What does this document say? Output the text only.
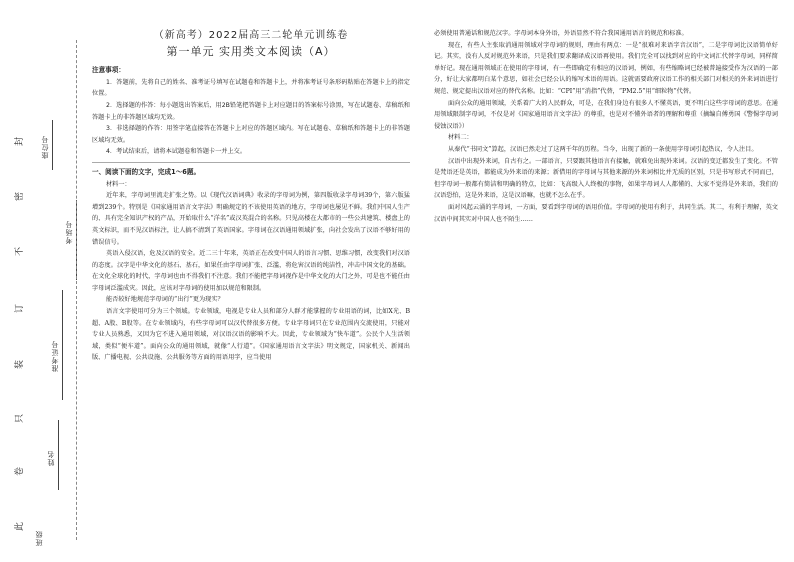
封
密
不
订
装
只
卷
此
座位号
准考证号
考场号
姓名
班级
（新高考）2022届高三二轮单元训练卷
第一单元 实用类文本阅读（A）

注意事项：

1．答题前，先将自己的姓名、准考证号填写在试题卷和答题卡上，并将准考证号条形码粘贴在答题卡上的指定位置。

2．选择题的作答：每小题选出答案后，用2B铅笔把答题卡上对应题目的答案标号涂黑，写在试题卷、草稿纸和答题卡上的非答题区域均无效。

3．非选择题的作答：用签字笔直接答在答题卡上对应的答题区域内。写在试题卷、草稿纸和答题卡上的非答题区域均无效。

4．考试结束后，请将本试题卷和答题卡一并上交。

一、阅读下面的文字，完成1～6题。

材料一：

近年来，字母词里流走扩张之势。以《现代汉语词典》收录的字母词为例，第四版收录字母词39个，第六版猛增到239个。特别是《国家通用语言文字法》明确规定的不该使用英语的地方，字母词也屡见不鲜。我们中国人生产的、具有完全知识产权的产品，开始取什么“洋名”或汉英混合的名称。只见高楼在大都市的一些公共建筑、楼盘上的英文标识，而不见汉语标注，让人搞不清到了英语国家。字母词在汉语通用领域扩张，向社会发出了汉语不够好用的错误信号。

英语入侵汉语，危及汉语的安全。近二三十年来，英语正在改变中国人的语言习惯、思维习惯，改变我们对汉语的态度。汉字是中华文化的基石、基石，如果任由字母词扩张、泛滥，将危害汉语的纯洁性，冲击中国文化的基础。在文化全球化的时代，字母词也由不得我们不注意。我们不能把字母词视作是中华文化的大门之外，可是也不能任由字母词泛滥成灾。因此，应该对字母词的使用加以规范和限制。

能否较好地规范字母词的“出行”更为现实？

语言文字使用可分为三个领域。专业领域，电视是专业人员和部分人群才能掌握的专业用语的词，比如X光、B超、A股、B股等。在专业领域内，有些字母词可以汉代替很多方便。专业字母词只在专业范围内交流使用，只能对专业人员熟悉，又因为它不进入通用领域，对汉语汉语的影响不大。因此，专业领域为“快车道”。公民个人生活领域，类似“便车道”。面向公众的通用领域，就像“人行道”。《国家通用语言文字法》明文规定，国家机关、新闻出版、广播电视、公共设施、公共服务等方面的用语用字，应当使用

必须使用普通话和规范汉字。字母词本身外语，外语显然不符合我国通用语言的规范和标准。

现在，有些人主张取消通用领域对字母词的规则，理由有两点：一是“很难对来语字音汉语”，二是字母词比汉语简单好记。其实，没有人反对规范外来语，只是我们要求翻译成汉语再使用。我们完全可以找到对应的中文词汇代替字母词，同样简单好记。现在通用领域正在使用的字母词，有一些即确定有相应的汉语词，例如，有些缩略词已经被普遍接受作为汉语的一部分，好让大家都明白某个意思，如社会已经公认的缩写术语的用语。这就需要政府汉语工作的相关部门对相关的外来词语进行规范、规定提出汉语对应的替代名称。比如：“CPI”用“消指”代替，“PM2.5”用“细粒物”代替。

面向公众的通用领域，关系着广大的人民群众，可是，在我们身边有很多人不懂英语，更不明白这些字母词的意思。在通用领域限制字母词，不仅是对《国家通用语言文字法》的尊重，也是对不懂外语者的理解和尊重（摘编自傅勇国《警惕字母词侵蚀汉语》）

材料二：

从秦代“书同文”算起，汉语已然走过了这两千年的历程。当今，出现了新的一条使用字母词引起热议，令人注目。

汉语中出现外来词，自古有之。一部语言，只要跟其他语言有接触，就难免出现外来词。汉语的变迁都发生了变化。不管是梵语还是英语，都能成为外来语的来源；新借用的字母词与其他来源的外来词相比并无质的区别，只是书写形式不同而已，但字母词一般都有简洁和明确的特点，比如：飞高级入人终极的事物，如果字母词人人都懂的、大家不觉得是外来语，我们的汉语恐怕，这是外来语，这是汉语嘛，也就不怎么在乎。

面对风起云涌的字母词，一方面，要看到字母词的语用价值。字母词的使用有利于，共同生活。其二，有利于理解，英文汉语中间其实对中国人也不陌生……
